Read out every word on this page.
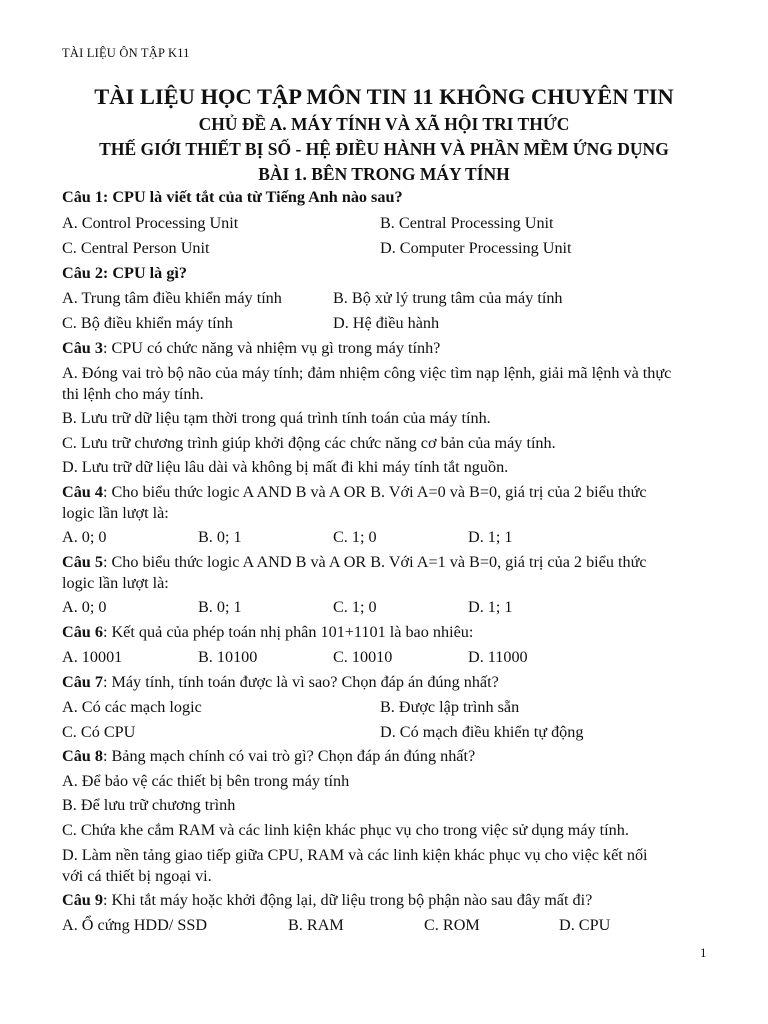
TÀI LIỆU ÔN TẬP K11
TÀI LIỆU HỌC TẬP MÔN TIN 11 KHÔNG CHUYÊN TIN
CHỦ ĐỀ A. MÁY TÍNH VÀ XÃ HỘI TRI THỨC
THẾ GIỚI THIẾT BỊ SỐ - HỆ ĐIỀU HÀNH VÀ PHẦN MỀM ỨNG DỤNG
BÀI 1. BÊN TRONG MÁY TÍNH
Câu 1: CPU là viết tắt của từ Tiếng Anh nào sau?
A. Control Processing Unit	B. Central Processing Unit
C. Central Person Unit	D. Computer Processing Unit
Câu 2: CPU là gì?
A. Trung tâm điều khiển máy tính	B. Bộ xử lý trung tâm của máy tính
C. Bộ điều khiển máy tính	D. Hệ điều hành
Câu 3: CPU có chức năng và nhiệm vụ gì trong máy tính?
A. Đóng vai trò bộ não của máy tính; đảm nhiệm công việc tìm nạp lệnh, giải mã lệnh và thực
thi lệnh cho máy tính.
B. Lưu trữ dữ liệu tạm thời trong quá trình tính toán của máy tính.
C. Lưu trữ chương trình giúp khởi động các chức năng cơ bản của máy tính.
D. Lưu trữ dữ liệu lâu dài và không bị mất đi khi máy tính tắt nguồn.
Câu 4: Cho biểu thức logic A AND B và A OR B. Với A=0 và B=0, giá trị của 2 biểu thức
logic lần lượt là:
A. 0; 0	B. 0; 1	C. 1; 0	D. 1; 1
Câu 5: Cho biểu thức logic A AND B và A OR B. Với A=1 và B=0, giá trị của 2 biểu thức
logic lần lượt là:
A. 0; 0	B. 0; 1	C. 1; 0	D. 1; 1
Câu 6: Kết quả của phép toán nhị phân 101+1101 là bao nhiêu:
A. 10001	B. 10100	C. 10010	D. 11000
Câu 7: Máy tính, tính toán được là vì sao? Chọn đáp án đúng nhất?
A. Có các mạch logic	B. Được lập trình sẵn
C. Có CPU	D. Có mạch điều khiển tự động
Câu 8: Bảng mạch chính có vai trò gì? Chọn đáp án đúng nhất?
A. Để bảo vệ các thiết bị bên trong máy tính
B. Để lưu trữ chương trình
C. Chứa khe cắm RAM và các linh kiện khác phục vụ cho trong việc sử dụng máy tính.
D. Làm nền tảng giao tiếp giữa CPU, RAM và các linh kiện khác phục vụ cho việc kết nối
với cá thiết bị ngoại vi.
Câu 9: Khi tắt máy hoặc khởi động lại, dữ liệu trong bộ phận nào sau đây mất đi?
A. Ổ cứng HDD/ SSD	B. RAM	C. ROM	D. CPU
1
